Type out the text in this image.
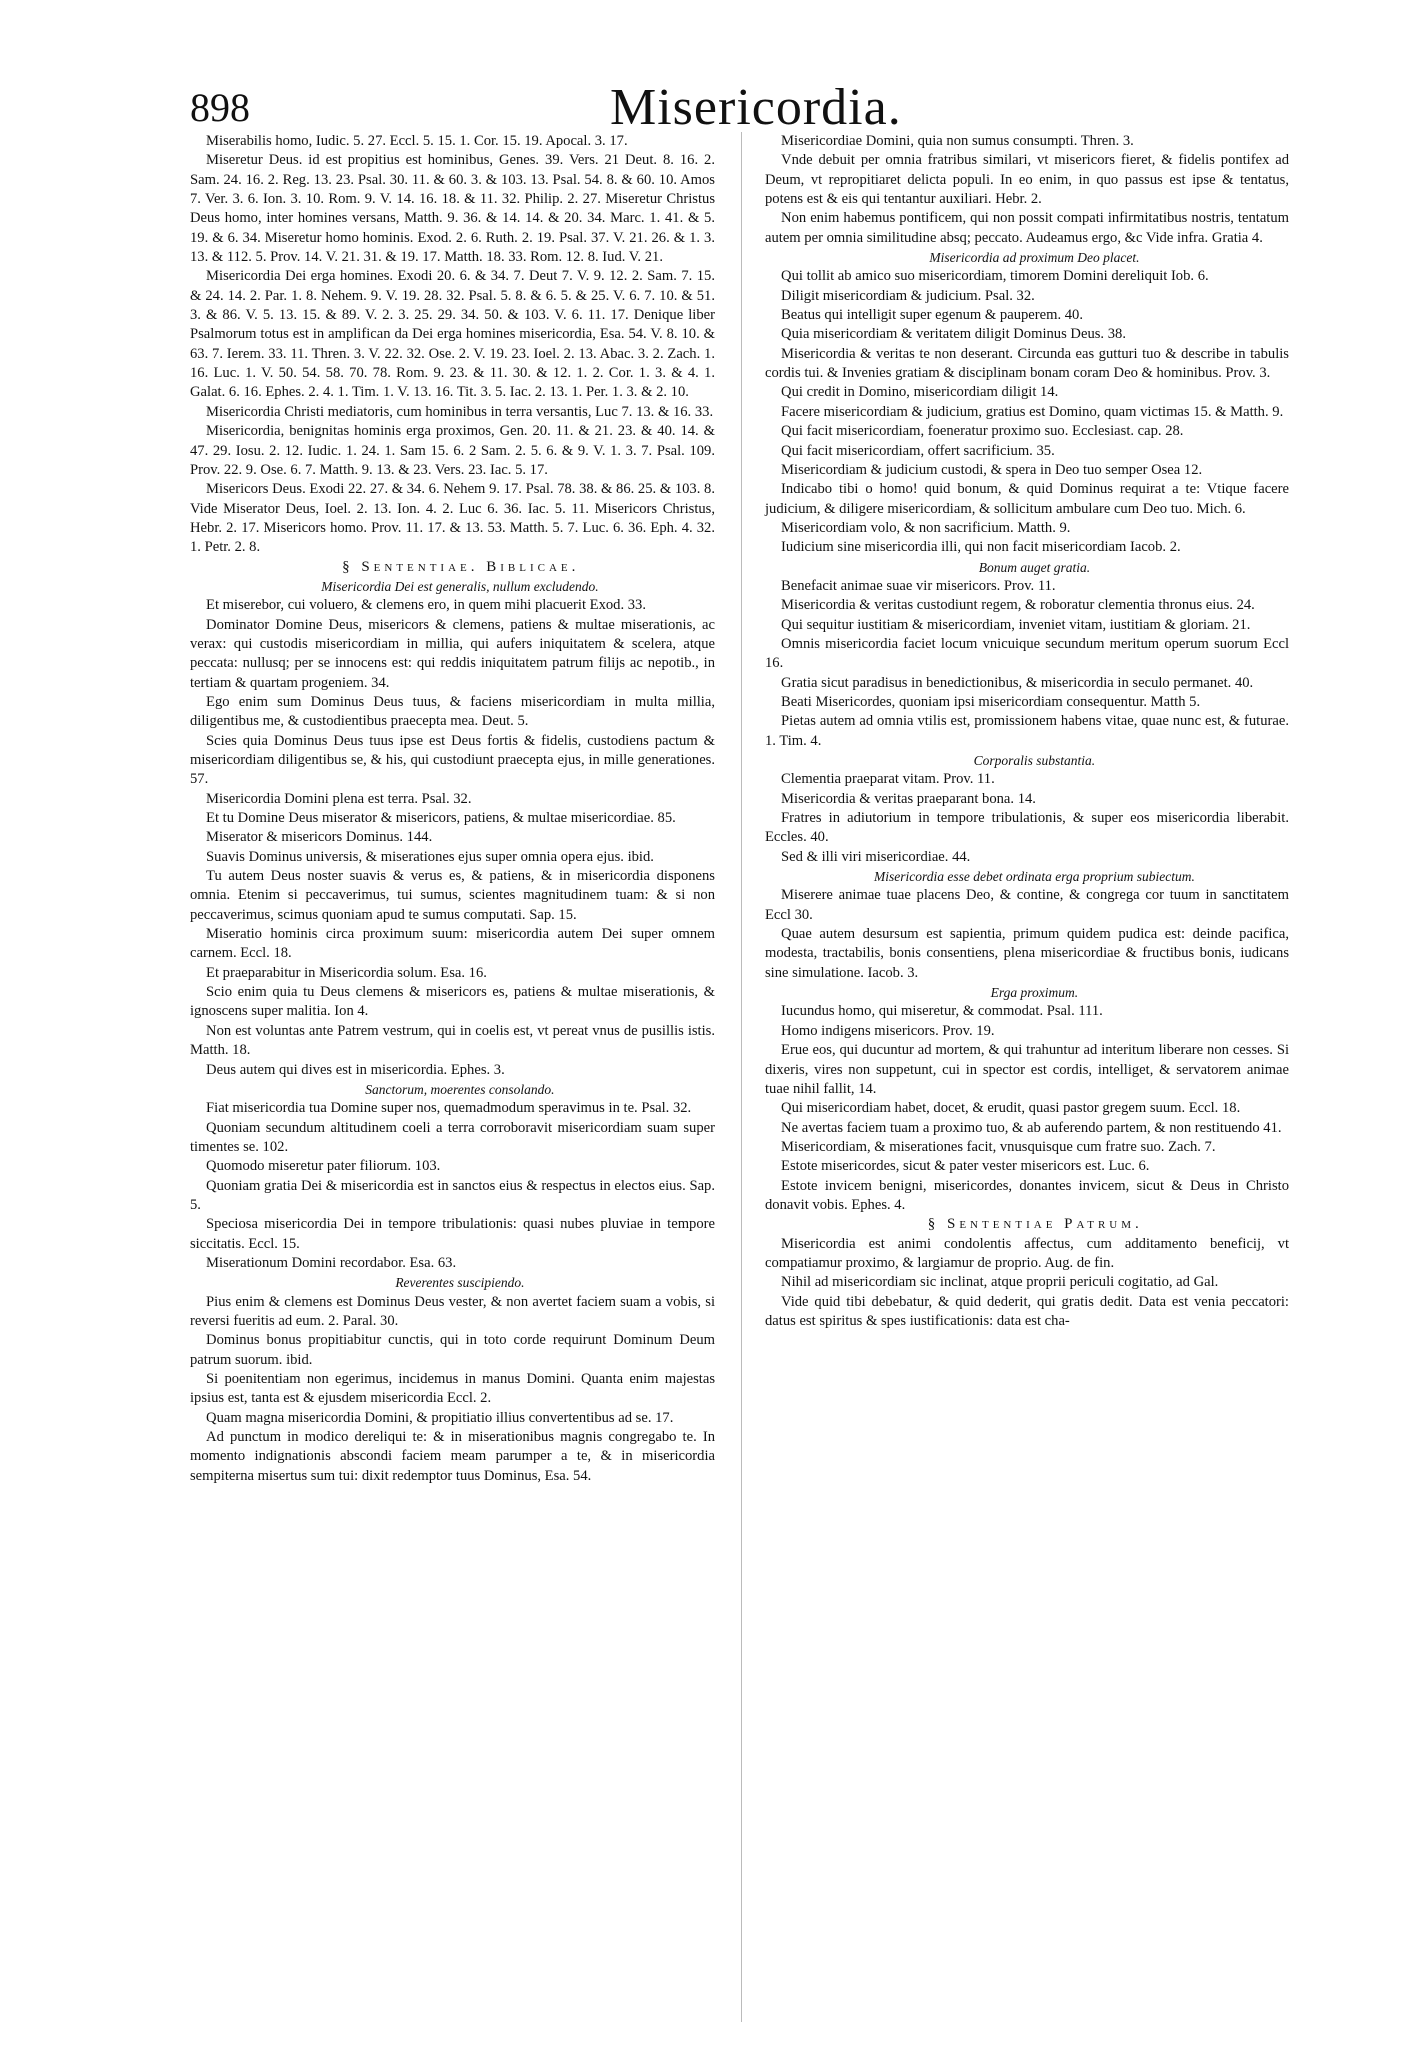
898	Misericordia.

Miserabilis homo, Iudic. 5. 27. Eccl. 5. 15. 1. Cor. 15. 19. Apocal. 3. 17.

Miseretur Deus. id est propitius est hominibus, Genes. 39. Vers. 21 Deut. 8. 16. 2. Sam. 24. 16. 2. Reg. 13. 23. Psal. 30. 11. & 60. 3. & 103. 13. Psal. 54. 8. & 60. 10. Amos 7. Ver. 3. 6. Ion. 3. 10. Rom. 9. V. 14. 16. 18. & 11. 32. Philip. 2. 27. Miseretur Christus Deus homo, inter homines versans, Matth. 9. 36. & 14. 14. & 20. 34. Marc. 1. 41. & 5. 19. & 6. 34. Miseretur homo hominis. Exod. 2. 6. Ruth. 2. 19. Psal. 37. V. 21. 26. & 1. 3. 13. & 112. 5. Prov. 14. V. 21. 31. & 19. 17. Matth. 18. 33. Rom. 12. 8. Iud. V. 21.

Misericordia Dei erga homines. Exodi 20. 6. & 34. 7. Deut 7. V. 9. 12. 2. Sam. 7. 15. & 24. 14. 2. Par. 1. 8. Nehem. 9. V. 19. 28. 32. Psal. 5. 8. & 6. 5. & 25. V. 6. 7. 10. & 51. 3. & 86. V. 5. 13. 15. & 89. V. 2. 3. 25. 29. 34. 50. & 103. V. 6. 11. 17. Denique liber Psalmorum totus est in amplifican da Dei erga homines misericordia, Esa. 54. V. 8. 10. & 63. 7. Ierem. 33. 11. Thren. 3. V. 22. 32. Ose. 2. V. 19. 23. Ioel. 2. 13. Abac. 3. 2. Zach. 1. 16. Luc. 1. V. 50. 54. 58. 70. 78. Rom. 9. 23. & 11. 30. & 12. 1. 2. Cor. 1. 3. & 4. 1. Galat. 6. 16. Ephes. 2. 4. 1. Tim. 1. V. 13. 16. Tit. 3. 5. Iac. 2. 13. 1. Per. 1. 3. & 2. 10.

Misericordia Christi mediatoris, cum hominibus in terra versantis, Luc 7. 13. & 16. 33.

Misericordia, benignitas hominis erga proximos, Gen. 20. 11. & 21. 23. & 40. 14. & 47. 29. Iosu. 2. 12. Iudic. 1. 24. 1. Sam 15. 6. 2 Sam. 2. 5. 6. & 9. V. 1. 3. 7. Psal. 109. Prov. 22. 9. Ose. 6. 7. Matth. 9. 13. & 23. Vers. 23. Iac. 5. 17.

Misericors Deus. Exodi 22. 27. & 34. 6. Nehem 9. 17. Psal. 78. 38. & 86. 25. & 103. 8. Vide Miserator Deus, Ioel. 2. 13. Ion. 4. 2. Luc 6. 36. Iac. 5. 11. Misericors Christus, Hebr. 2. 17. Misericors homo. Prov. 11. 17. & 13. 53. Matth. 5. 7. Luc. 6. 36. Eph. 4. 32. 1. Petr. 2. 8.

§ Sententiae. Biblicae.

Misericordia Dei est generalis, nullum excludendo.

Et miserebor, cui voluero, & clemens ero, in quem mihi placuerit Exod. 33.

Dominator Domine Deus, misericors & clemens, patiens & multae miserationis, ac verax: qui custodis misericordiam in millia, qui aufers iniquitatem & scelera, atque peccata: nullusq; per se innocens est: qui reddis iniquitatem patrum filijs ac nepotib., in tertiam & quartam progeniem. 34.

Ego enim sum Dominus Deus tuus, & faciens misericordiam in multa millia, diligentibus me, & custodientibus praecepta mea. Deut. 5.

Scies quia Dominus Deus tuus ipse est Deus fortis & fidelis, custodiens pactum & misericordiam diligentibus se, & his, qui custodiunt praecepta ejus, in mille generationes. 57.

Misericordia Domini plena est terra. Psal. 32.

Et tu Domine Deus miserator & misericors, patiens, & multae misericordiae. 85.

Miserator & misericors Dominus. 144.

Suavis Dominus universis, & miserationes ejus super omnia opera ejus. ibid.

Tu autem Deus noster suavis & verus es, & patiens, & in misericordia disponens omnia. Etenim si peccaverimus, tui sumus, scientes magnitudinem tuam: & si non peccaverimus, scimus quoniam apud te sumus computati. Sap. 15.

Miseratio hominis circa proximum suum: misericordia autem Dei super omnem carnem. Eccl. 18.

Et praeparabitur in Misericordia solum. Esa. 16.

Scio enim quia tu Deus clemens & misericors es, patiens & multae miserationis, & ignoscens super malitia. Ion 4.

Non est voluntas ante Patrem vestrum, qui in coelis est, vt pereat vnus de pusillis istis. Matth. 18.

Deus autem qui dives est in misericordia. Ephes. 3.

Sanctorum, moerentes consolando.

Fiat misericordia tua Domine super nos, quemadmodum speravimus in te. Psal. 32.

Quoniam secundum altitudinem coeli a terra corroboravit misericordiam suam super timentes se. 102.

Quomodo miseretur pater filiorum. 103.

Quoniam gratia Dei & misericordia est in sanctos eius & respectus in electos eius. Sap. 5.

Speciosa misericordia Dei in tempore tribulationis: quasi nubes pluviae in tempore siccitatis. Eccl. 15.

Miserationum Domini recordabor. Esa. 63.

Reverentes suscipiendo.

Pius enim & clemens est Dominus Deus vester, & non avertet faciem suam a vobis, si reversi fueritis ad eum. 2. Paral. 30.

Dominus bonus propitiabitur cunctis, qui in toto corde requirunt Dominum Deum patrum suorum. ibid.

Si poenitentiam non egerimus, incidemus in manus Domini. Quanta enim majestas ipsius est, tanta est & ejusdem misericordia Eccl. 2.

Quam magna misericordia Domini, & propitiatio illius convertentibus ad se. 17.

Ad punctum in modico dereliqui te: & in miserationibus magnis congregabo te. In momento indignationis abscondi faciem meam parumper a te, & in misericordia sempiterna misertus sum tui: dixit redemptor tuus Dominus, Esa. 54.

Misericordiae Domini, quia non sumus consumpti. Thren. 3.

Vnde debuit per omnia fratribus similari, vt misericors fieret, & fidelis pontifex ad Deum, vt repropitiaret delicta populi. In eo enim, in quo passus est ipse & tentatus, potens est & eis qui tentantur auxiliari. Hebr. 2.

Non enim habemus pontificem, qui non possit compati infirmitatibus nostris, tentatum autem per omnia similitudine absq; peccato. Audeamus ergo, &c Vide infra. Gratia 4.

Misericordia ad proximum Deo placet.

Qui tollit ab amico suo misericordiam, timorem Domini dereliquit Iob. 6.

Diligit misericordiam & judicium. Psal. 32.

Beatus qui intelligit super egenum & pauperem. 40.

Quia misericordiam & veritatem diligit Dominus Deus. 38.

Misericordia & veritas te non deserant. Circunda eas gutturi tuo & describe in tabulis cordis tui. & Invenies gratiam & disciplinam bonam coram Deo & hominibus. Prov. 3.

Qui credit in Domino, misericordiam diligit 14.

Facere misericordiam & judicium, gratius est Domino, quam victimas 15. & Matth. 9.

Qui facit misericordiam, foeneratur proximo suo. Ecclesiast. cap. 28.

Qui facit misericordiam, offert sacrificium. 35.

Misericordiam & judicium custodi, & spera in Deo tuo semper Osea 12.

Indicabo tibi o homo! quid bonum, & quid Dominus requirat a te: Vtique facere judicium, & diligere misericordiam, & sollicitum ambulare cum Deo tuo. Mich. 6.

Misericordiam volo, & non sacrificium. Matth. 9.

Iudicium sine misericordia illi, qui non facit misericordiam Iacob. 2.

Bonum auget gratia.

Benefacit animae suae vir misericors. Prov. 11.

Misericordia & veritas custodiunt regem, & roboratur clementia thronus eius. 24.

Qui sequitur iustitiam & misericordiam, inveniet vitam, iustitiam & gloriam. 21.

Omnis misericordia faciet locum vnicuique secundum meritum operum suorum Eccl 16.

Gratia sicut paradisus in benedictionibus, & misericordia in seculo permanet. 40.

Beati Misericordes, quoniam ipsi misericordiam consequentur. Matth 5.

Pietas autem ad omnia vtilis est, promissionem habens vitae, quae nunc est, & futurae. 1. Tim. 4.

Corporalis substantia.

Clementia praeparat vitam. Prov. 11.

Misericordia & veritas praeparant bona. 14.

Fratres in adiutorium in tempore tribulationis, & super eos misericordia liberabit. Eccles. 40.

Sed & illi viri misericordiae. 44.

Misericordia esse debet ordinata erga proprium subiectum.

Miserere animae tuae placens Deo, & contine, & congrega cor tuum in sanctitatem Eccl 30.

Quae autem desursum est sapientia, primum quidem pudica est: deinde pacifica, modesta, tractabilis, bonis consentiens, plena misericordiae & fructibus bonis, iudicans sine simulatione. Iacob. 3.

Erga proximum.

Iucundus homo, qui miseretur, & commodat. Psal. 111.

Homo indigens misericors. Prov. 19.

Erue eos, qui ducuntur ad mortem, & qui trahuntur ad interitum liberare non cesses. Si dixeris, vires non suppetunt, cui in spector est cordis, intelliget, & servatorem animae tuae nihil fallit, 14.

Qui misericordiam habet, docet, & erudit, quasi pastor gregem suum. Eccl. 18.

Ne avertas faciem tuam a proximo tuo, & ab auferendo partem, & non restituendo 41.

Misericordiam, & miserationes facit, vnusquisque cum fratre suo. Zach. 7.

Estote misericordes, sicut & pater vester misericors est. Luc. 6.

Estote invicem benigni, misericordes, donantes invicem, sicut & Deus in Christo donavit vobis. Ephes. 4.

§ Sententiae Patrum.

Misericordia est animi condolentis affectus, cum additamento beneficij, vt compatiamur proximo, & largiamur de proprio. Aug. de fin.

Nihil ad misericordiam sic inclinat, atque proprii periculi cogitatio, ad Gal.

Vide quid tibi debebatur, & quid dederit, qui gratis dedit. Data est venia peccatori: datus est spiritus & spes iustificationis: data est cha-
